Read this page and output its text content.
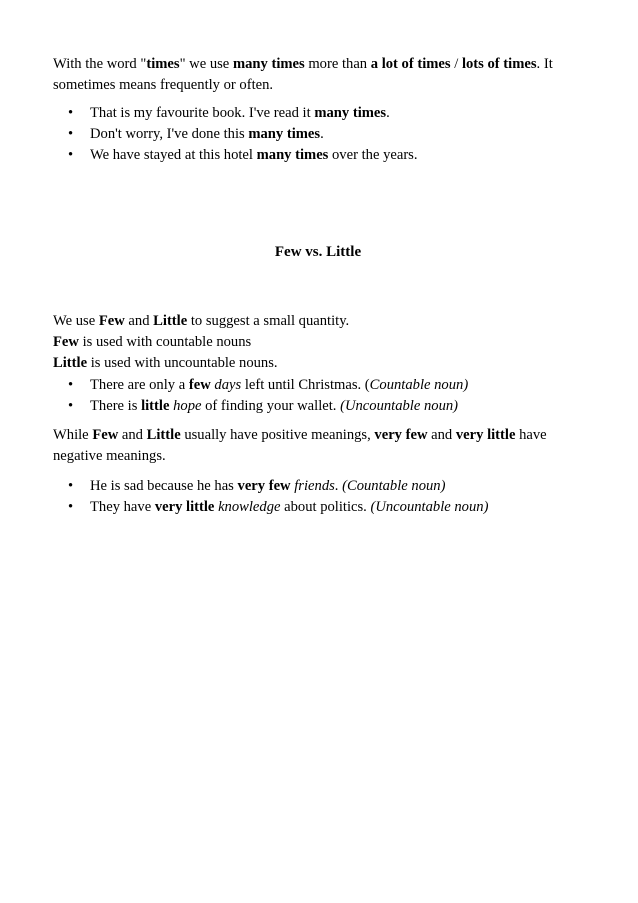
With the word "times" we use many times more than a lot of times / lots of times. It sometimes means frequently or often.

• That is my favourite book. I've read it many times.
• Don't worry, I've done this many times.
• We have stayed at this hotel many times over the years.
Few vs. Little

We use Few and Little to suggest a small quantity.

Few is used with countable nouns

Little is used with uncountable nouns.

• There are only a few days left until Christmas. (Countable noun)
• There is little hope of finding your wallet. (Uncountable noun)

While Few and Little usually have positive meanings, very few and very little have negative meanings.

• He is sad because he has very few friends. (Countable noun)
• They have very little knowledge about politics. (Uncountable noun)
